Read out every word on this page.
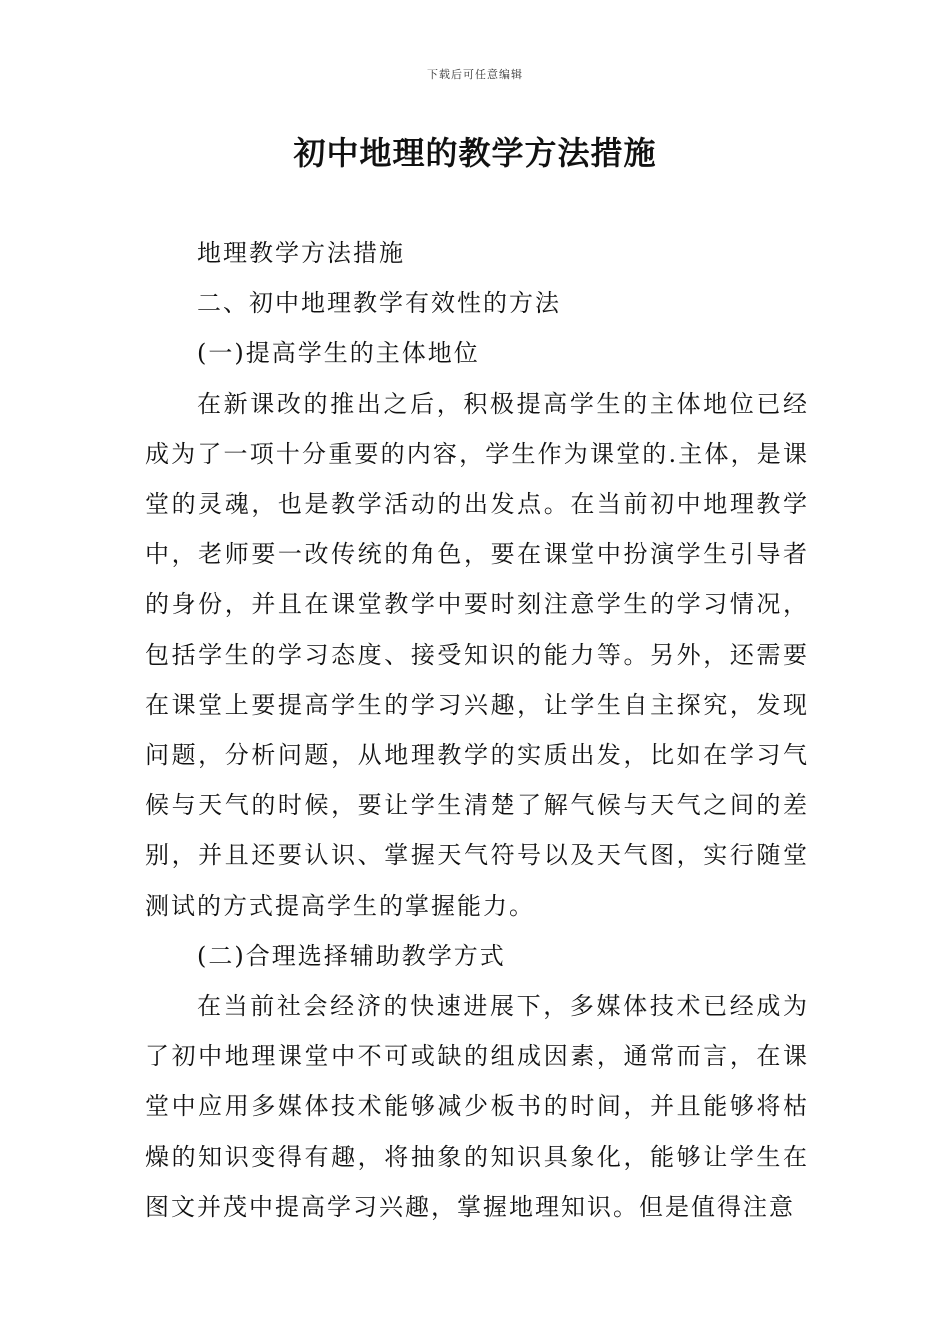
下载后可任意编辑
初中地理的教学方法措施

地理教学方法措施

二、初中地理教学有效性的方法

(一)提高学生的主体地位

在新课改的推出之后，积极提高学生的主体地位已经成为了一项十分重要的内容，学生作为课堂的.主体，是课堂的灵魂，也是教学活动的出发点。在当前初中地理教学中，老师要一改传统的角色，要在课堂中扮演学生引导者的身份，并且在课堂教学中要时刻注意学生的学习情况，包括学生的学习态度、接受知识的能力等。另外，还需要在课堂上要提高学生的学习兴趣，让学生自主探究，发现问题，分析问题，从地理教学的实质出发，比如在学习气候与天气的时候，要让学生清楚了解气候与天气之间的差别，并且还要认识、掌握天气符号以及天气图，实行随堂测试的方式提高学生的掌握能力。

(二)合理选择辅助教学方式

在当前社会经济的快速进展下，多媒体技术已经成为了初中地理课堂中不可或缺的组成因素，通常而言，在课堂中应用多媒体技术能够减少板书的时间，并且能够将枯燥的知识变得有趣，将抽象的知识具象化，能够让学生在图文并茂中提高学习兴趣，掌握地理知识。但是值得注意
